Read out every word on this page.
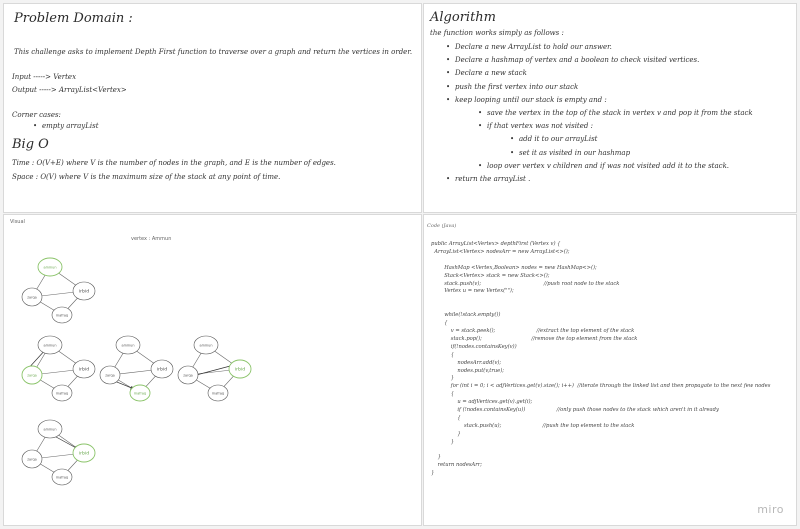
Problem Domain :

This challenge asks to implement Depth First function to traverse over a graph and return the vertices in order.

Input -----> Vertex

Output -----> ArrayList<Vertex>

Corner cases:

• empty arrayList
Big O

Time : O(V+E) where V is the number of nodes in the graph, and E is the number of edges.

Space : O(V) where V is the maximum size of the stack at any point of time.

Algorithm

the function works simply as follows :

• Declare a new ArrayList to hold our answer.
• Declare a hashmap of vertex and a boolean to check visited vertices.
• Declare a new stack
• push the first vertex into our stack
• keep looping until our stack is empty and :
• save the vertex in the top of the stack in vertex v and pop it from the stack
• if that vertex was not visited :
• add it to our arrayList
• set it as visited in our hashmap
• loop over vertex v children and if was not visited add it to the stack.
• return the arrayList .
Visual
vertex : Ammun
ammun
zarqa
irbid
mafraq
ammun
zarqa
irbid
mafraq
ammun
zarqa
irbid
mafraq
ammun
zarqa
irbid
mafraq
ammun
zarqa
irbid
mafraq
Code (Java)
public ArrayList<Vertex> depthFirst (Vertex v) {
ArrayList<Vertex> nodesArr = new ArrayList<>();

HashMap <Vertex,Boolean> nodes = new HashMap<>();
Stack<Vertex> stack = new Stack<>();
stack.push(v);                                      //push root node to the stack
Vertex u = new Vertex("");

while(!stack.empty())
{
v = stack.peek();                         //extract the top element of the stack
stack.pop();                              //remove the top element from the stack
if(!nodes.containsKey(v))
{
nodesArr.add(v);
nodes.put(v,true);
}
for (int i = 0; i < adjVertices.get(v).size(); i++)  //iterate through the linked list and then propagate to the next few nodes
{
u = adjVertices.get(v).get(i);
if (!nodes.containsKey(u))                   //only push those nodes to the stack which aren't in it already
{
stack.push(u);                         //push the top element to the stack
}
}

}
return nodesArr;
}
miro
